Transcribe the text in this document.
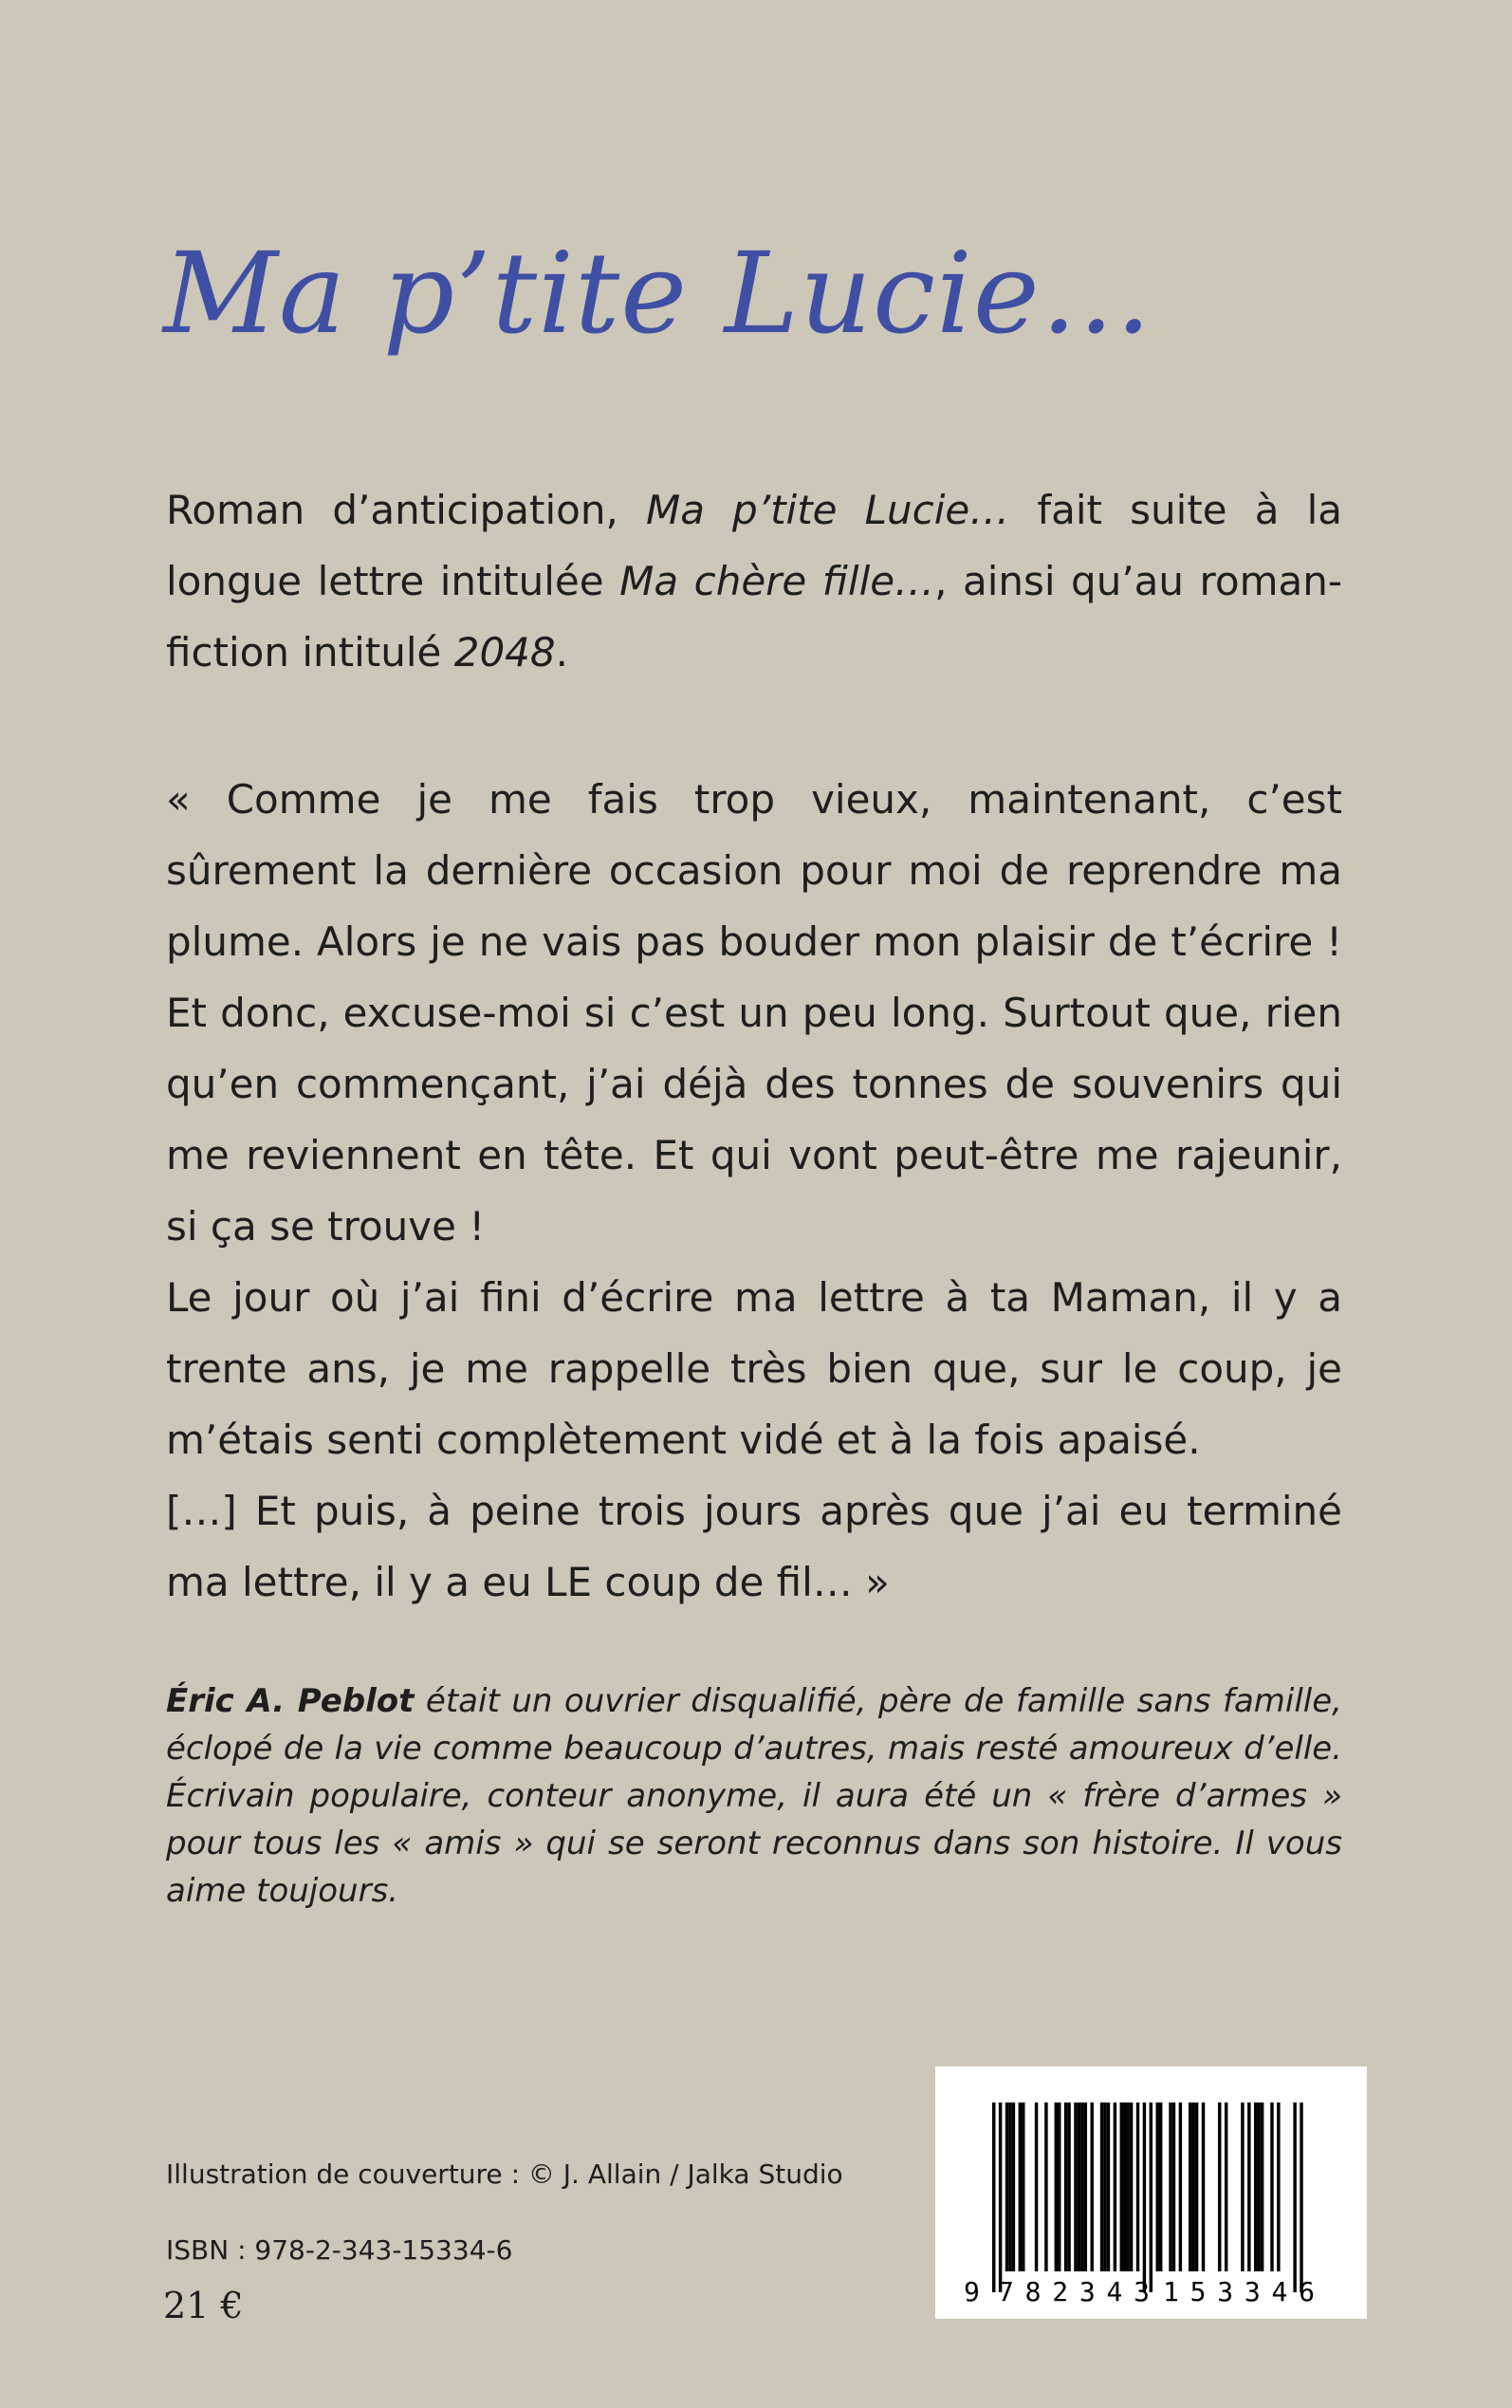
Ma p’tite Lucie…

Roman d’anticipation, Ma p’tite Lucie… fait suite à la longue lettre intitulée Ma chère fille…, ainsi qu’au roman-fiction intitulé 2048.

« Comme je me fais trop vieux, maintenant, c’est sûrement la dernière occasion pour moi de reprendre ma plume. Alors je ne vais pas bouder mon plaisir de t’écrire ! Et donc, excuse-moi si c’est un peu long. Surtout que, rien qu’en commençant, j’ai déjà des tonnes de souvenirs qui me reviennent en tête. Et qui vont peut-être me rajeunir, si ça se trouve !

Le jour où j’ai fini d’écrire ma lettre à ta Maman, il y a trente ans, je me rappelle très bien que, sur le coup, je m’étais senti complètement vidé et à la fois apaisé.

[…] Et puis, à peine trois jours après que j’ai eu terminé ma lettre, il y a eu LE coup de fil… »

Éric A. Peblot était un ouvrier disqualifié, père de famille sans famille, éclopé de la vie comme beaucoup d’autres, mais resté amoureux d’elle. Écrivain populaire, conteur anonyme, il aura été un « frère d’armes » pour tous les « amis » qui se seront reconnus dans son histoire. Il vous aime toujours.
Illustration de couverture : © J. Allain / Jalka Studio
ISBN : 978-2-343-15334-6
21 €	9 782343 153346
